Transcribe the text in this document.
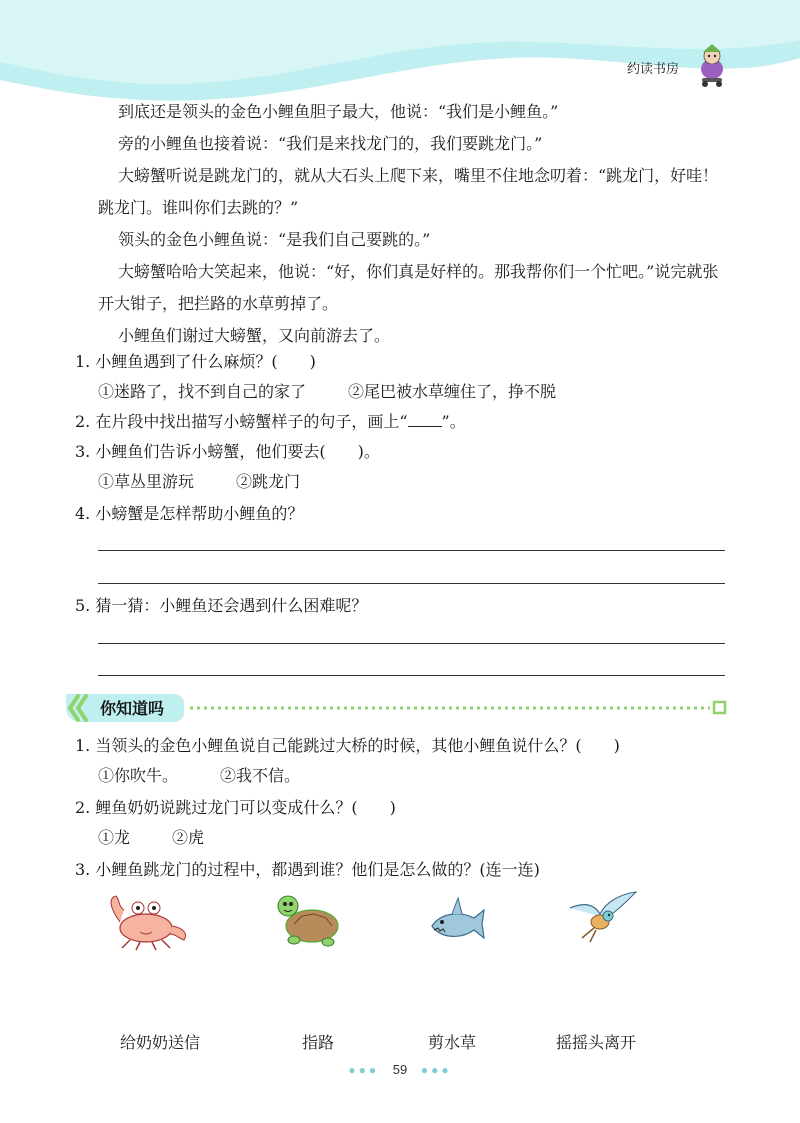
约读书房

到底还是领头的金色小鲤鱼胆子最大，他说：“我们是小鲤鱼。”

旁的小鲤鱼也接着说：“我们是来找龙门的，我们要跳龙门。”

大螃蟹听说是跳龙门的，就从大石头上爬下来，嘴里不住地念叨着：“跳龙门，好哇！跳龙门。谁叫你们去跳的？”

领头的金色小鲤鱼说：“是我们自己要跳的。”

大螃蟹哈哈大笑起来，他说：“好，你们真是好样的。那我帮你们一个忙吧。”说完就张开大钳子，把拦路的水草剪掉了。

小鲤鱼们谢过大螃蟹，又向前游去了。

1. 小鲤鱼遇到了什么麻烦？(　　)
①迷路了，找不到自己的家了	②尾巴被水草缠住了，挣不脱
2. 在片段中找出描写小螃蟹样子的句子，画上“ ”。
3. 小鲤鱼们告诉小螃蟹，他们要去(　　)。
①草丛里游玩	②跳龙门
4. 小螃蟹是怎样帮助小鲤鱼的？
5. 猜一猜：小鲤鱼还会遇到什么困难呢？
你知道吗
1. 当领头的金色小鲤鱼说自己能跳过大桥的时候，其他小鲤鱼说什么？(　　)
①你吹牛。	②我不信。
2. 鲤鱼奶奶说跳过龙门可以变成什么？(　　)
①龙	②虎
3. 小鲤鱼跳龙门的过程中，都遇到谁？他们是怎么做的？(连一连)
给奶奶送信	指路	剪水草	摇摇头离开
●●● 59 ●●●
